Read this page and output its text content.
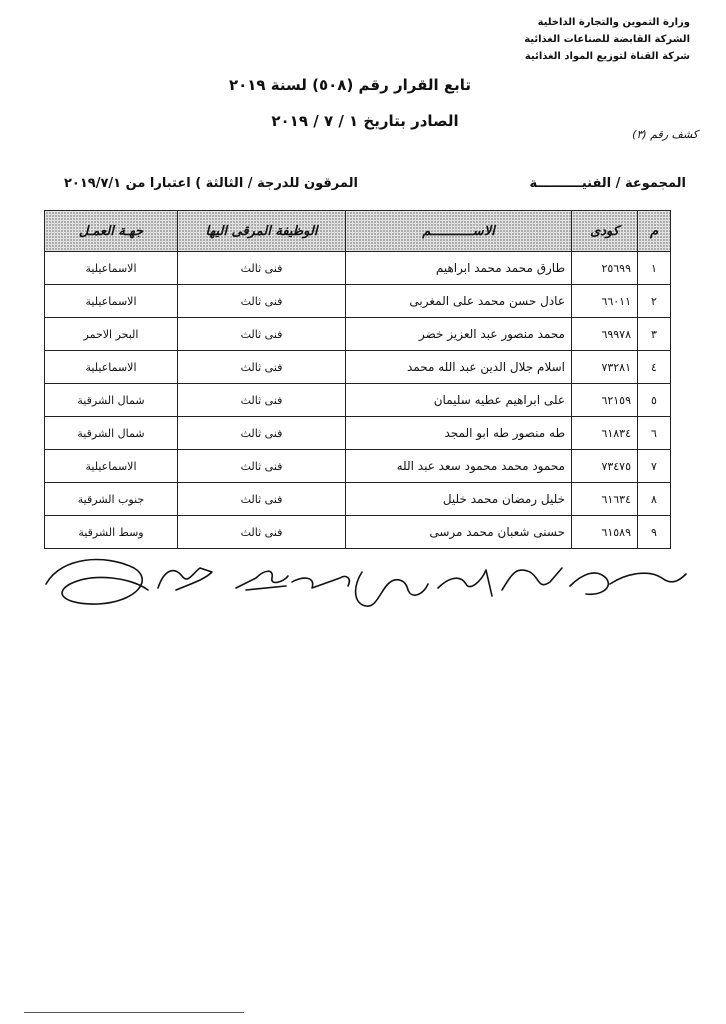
وزارة التموين والتجارة الداخلية
الشركة القابضة للصناعات الغذائية
شركة القناة لتوزيع المواد الغذائية
تابع القرار رقم (٥٠٨) لسنة ٢٠١٩
الصادر بتاريخ ١ / ٧ / ٢٠١٩
كشف رقم (٣)
المجموعة / الفنيــــــــــة
المرقون للدرجة / الثالثة ) اعتبارا من ٢٠١٩/٧/١
م	كودى	الاســـــــــــم	الوظيفة المرقى اليها	جهـة العمـل
١	٢٥٦٩٩	طارق محمد محمد ابراهيم	فنى ثالث	الاسماعيلية
٢	٦٦٠١١	عادل حسن محمد على المغربى	فنى ثالث	الاسماعيلية
٣	٦٩٩٧٨	محمد منصور عبد العزيز خضر	فنى ثالث	البحر الاحمر
٤	٧٣٢٨١	اسلام جلال الدين عبد الله محمد	فنى ثالث	الاسماعيلية
٥	٦٢١٥٩	على ابراهيم عطيه سليمان	فنى ثالث	شمال الشرقية
٦	٦١٨٣٤	طه منصور طه ابو المجد	فنى ثالث	شمال الشرقية
٧	٧٣٤٧٥	محمود محمد محمود سعد عبد الله	فنى ثالث	الاسماعيلية
٨	٦١٦٣٤	خليل رمضان محمد خليل	فنى ثالث	جنوب الشرقية
٩	٦١٥٨٩	حسنى شعبان محمد مرسى	فنى ثالث	وسط الشرقية
